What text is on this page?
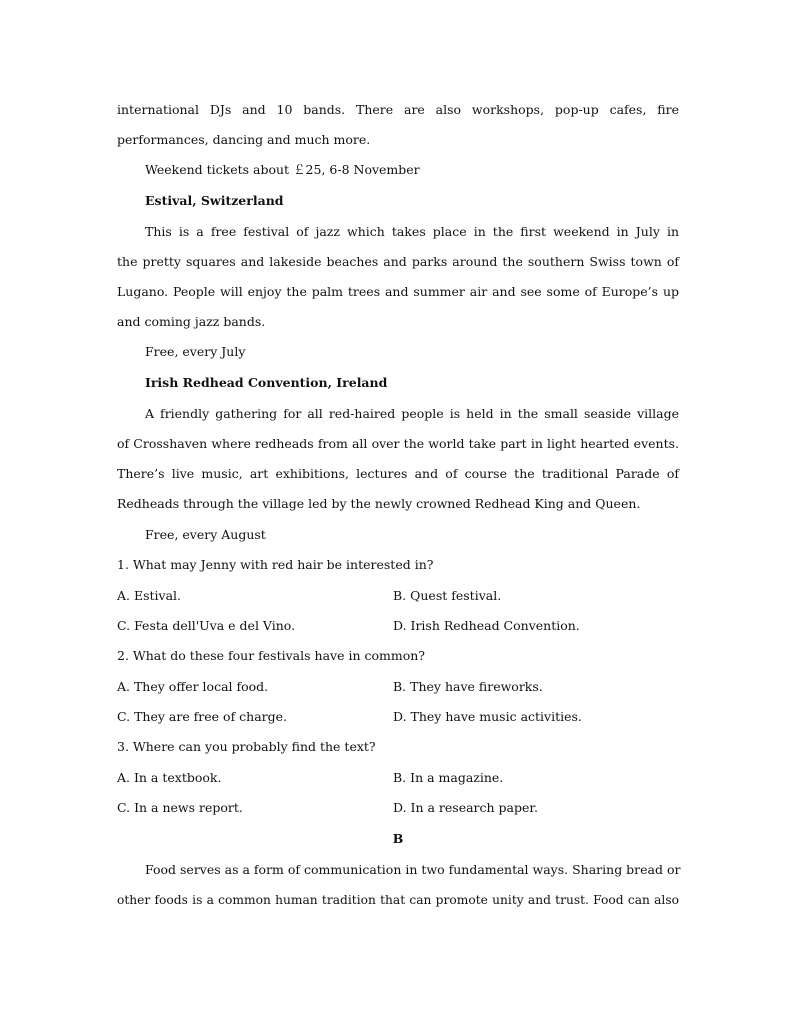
international DJs and 10 bands. There are also workshops, pop-up cafes, fire
performances, dancing and much more.
Weekend tickets about ￡25, 6-8 November
Estival, Switzerland
This is a free festival of jazz which takes place in the first weekend in July in
the pretty squares and lakeside beaches and parks around the southern Swiss town of
Lugano. People will enjoy the palm trees and summer air and see some of Europe’s up
and coming jazz bands.
Free, every July
Irish Redhead Convention, Ireland
A friendly gathering for all red-haired people is held in the small seaside village
of Crosshaven where redheads from all over the world take part in light hearted events.
There’s live music, art exhibitions, lectures and of course the traditional Parade of
Redheads through the village led by the newly crowned Redhead King and Queen.
Free, every August
1. What may Jenny with red hair be interested in?
A. Estival.	B. Quest festival.
C. Festa dell'Uva e del Vino.	D. Irish Redhead Convention.
2. What do these four festivals have in common?
A. They offer local food.	B. They have fireworks.
C. They are free of charge.	D. They have music activities.
3. Where can you probably find the text?
A. In a textbook.	B. In a magazine.
C. In a news report.	D. In a research paper.
B
Food serves as a form of communication in two fundamental ways. Sharing bread or
other foods is a common human tradition that can promote unity and trust. Food can also
